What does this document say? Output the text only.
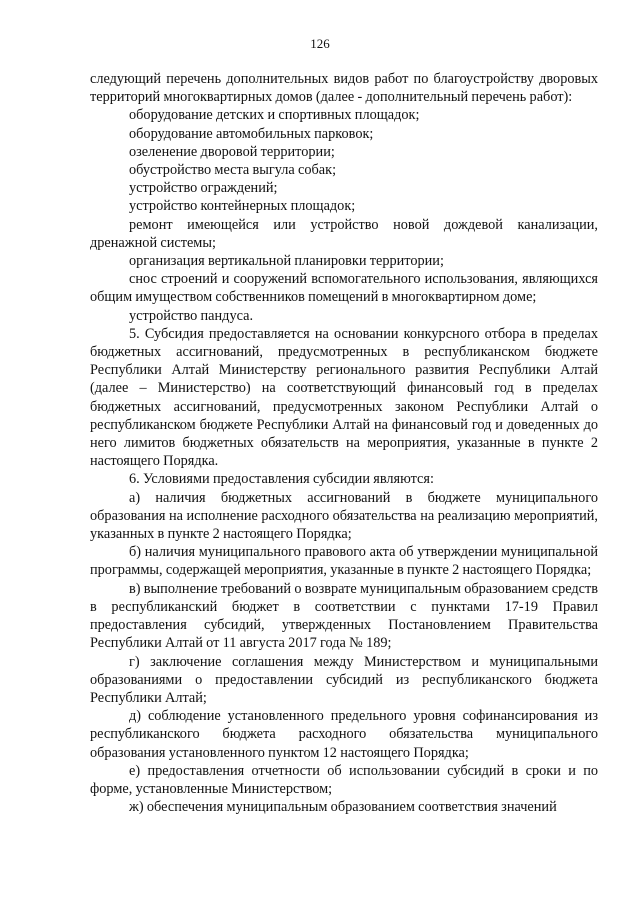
126

следующий перечень дополнительных видов работ по благоустройству дворовых территорий многоквартирных домов (далее - дополнительный перечень работ):

оборудование детских и спортивных площадок;

оборудование автомобильных парковок;

озеленение дворовой территории;

обустройство места выгула собак;

устройство ограждений;

устройство контейнерных площадок;

ремонт имеющейся или устройство новой дождевой канализации, дренажной системы;

организация вертикальной планировки территории;

снос строений и сооружений вспомогательного использования, являющихся общим имуществом собственников помещений в многоквартирном доме;

устройство пандуса.

5. Субсидия предоставляется на основании конкурсного отбора в пределах бюджетных ассигнований, предусмотренных в республиканском бюджете Республики Алтай Министерству регионального развития Республики Алтай (далее – Министерство) на соответствующий финансовый год в пределах бюджетных ассигнований, предусмотренных законом Республики Алтай о республиканском бюджете Республики Алтай на финансовый год и доведенных до него лимитов бюджетных обязательств на мероприятия, указанные в пункте 2 настоящего Порядка.

6. Условиями предоставления субсидии являются:

а) наличия бюджетных ассигнований в бюджете муниципального образования на исполнение расходного обязательства на реализацию мероприятий, указанных в пункте 2 настоящего Порядка;

б) наличия муниципального правового акта об утверждении муниципальной программы, содержащей мероприятия, указанные в пункте 2 настоящего Порядка;

в) выполнение требований о возврате муниципальным образованием средств в республиканский бюджет в соответствии с пунктами 17-19 Правил предоставления субсидий, утвержденных Постановлением Правительства Республики Алтай от 11 августа 2017 года № 189;

г) заключение соглашения между Министерством и муниципальными образованиями о предоставлении субсидий из республиканского бюджета Республики Алтай;

д) соблюдение установленного предельного уровня софинансирования из республиканского бюджета расходного обязательства муниципального образования установленного пунктом 12 настоящего Порядка;

е) предоставления отчетности об использовании субсидий в сроки и по форме, установленные Министерством;

ж) обеспечения муниципальным образованием соответствия значений
